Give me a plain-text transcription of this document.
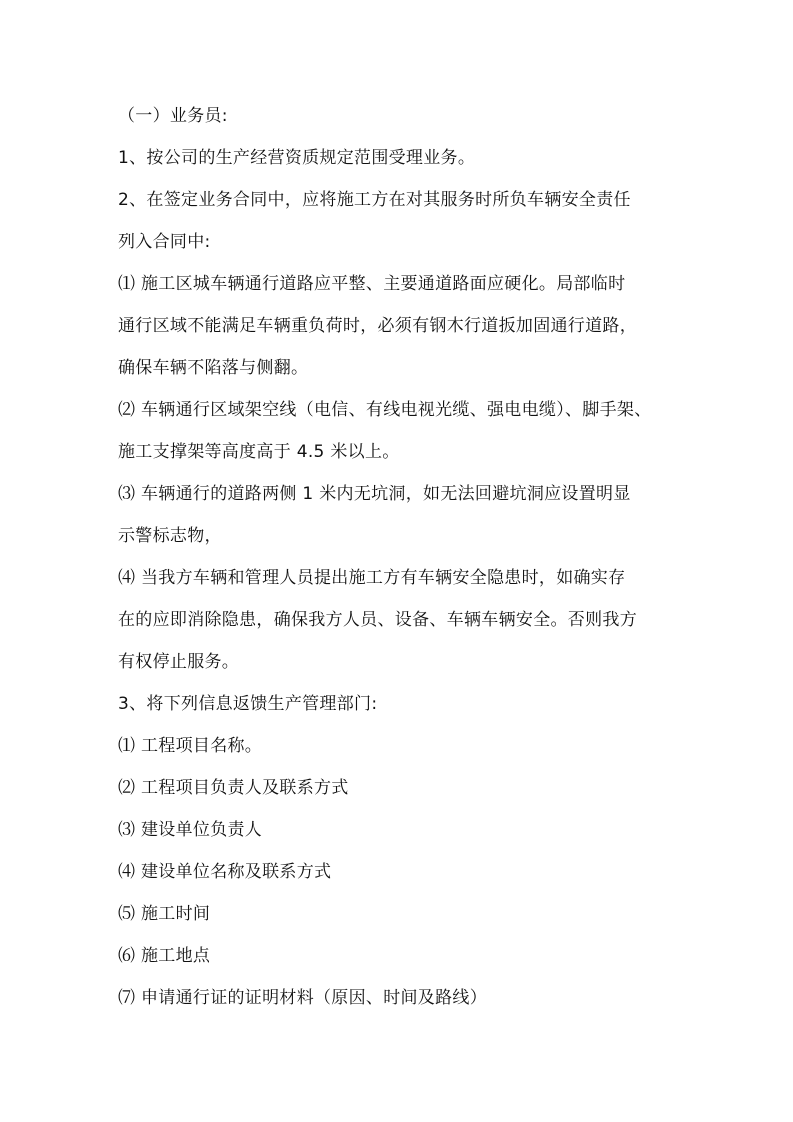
（一）业务员:
1、按公司的生产经营资质规定范围受理业务。
2、在签定业务合同中，应将施工方在对其服务时所负车辆安全责任
列入合同中:
⑴ 施工区城车辆通行道路应平整、主要通道路面应硬化。局部临时
通行区域不能满足车辆重负荷时，必须有钢木行道扳加固通行道路，
确保车辆不陷落与侧翻。
⑵ 车辆通行区域架空线（电信、有线电视光缆、强电电缆）、脚手架、
施工支撑架等高度高于 4.5 米以上。
⑶ 车辆通行的道路两侧 1 米内无坑洞，如无法回避坑洞应设置明显
示警标志物，
⑷ 当我方车辆和管理人员提出施工方有车辆安全隐患时，如确实存
在的应即消除隐患，确保我方人员、设备、车辆车辆安全。否则我方
有权停止服务。
3、将下列信息返馈生产管理部门:
⑴ 工程项目名称。
⑵ 工程项目负责人及联系方式
⑶ 建设单位负责人
⑷ 建设单位名称及联系方式
⑸ 施工时间
⑹ 施工地点
⑺ 申请通行证的证明材料（原因、时间及路线）
